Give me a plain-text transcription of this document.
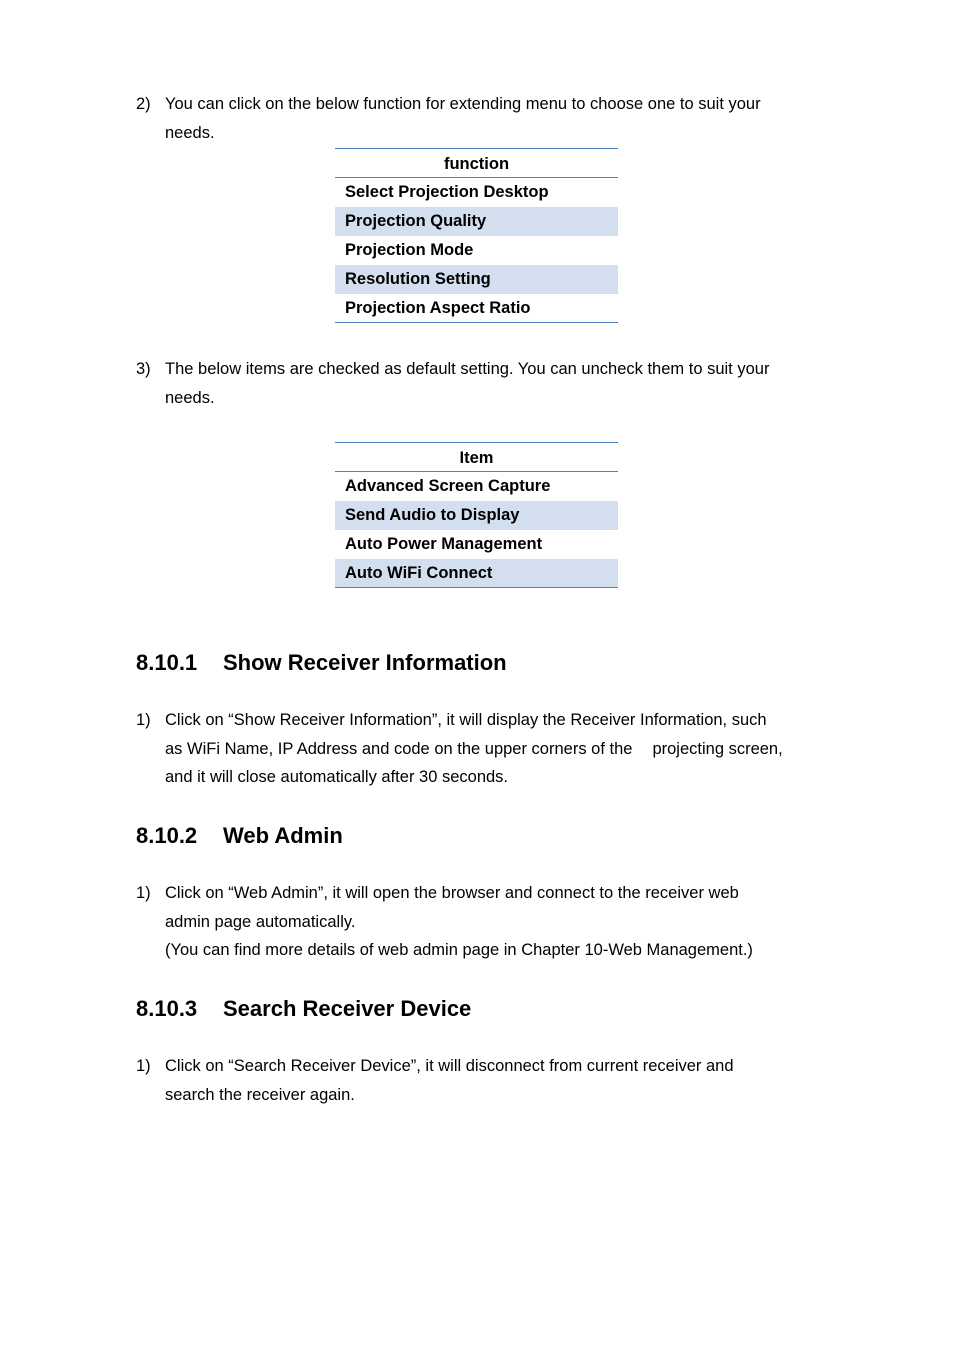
2) You can click on the below function for extending menu to choose one to suit your
needs.
function
Select Projection Desktop
Projection Quality
Projection Mode
Resolution Setting
Projection Aspect Ratio
3) The below items are checked as default setting. You can uncheck them to suit your
needs.
Item
Advanced Screen Capture
Send Audio to Display
Auto Power Management
Auto WiFi Connect
8.10.1 Show Receiver Information
1) Click on “Show Receiver Information”, it will display the Receiver Information, such
as WiFi Name, IP Address and code on the upper corners of the projecting screen,
and it will close automatically after 30 seconds.
8.10.2 Web Admin
1) Click on “Web Admin”, it will open the browser and connect to the receiver web
admin page automatically.
(You can find more details of web admin page in Chapter 10-Web Management.)
8.10.3 Search Receiver Device
1) Click on “Search Receiver Device”, it will disconnect from current receiver and
search the receiver again.
